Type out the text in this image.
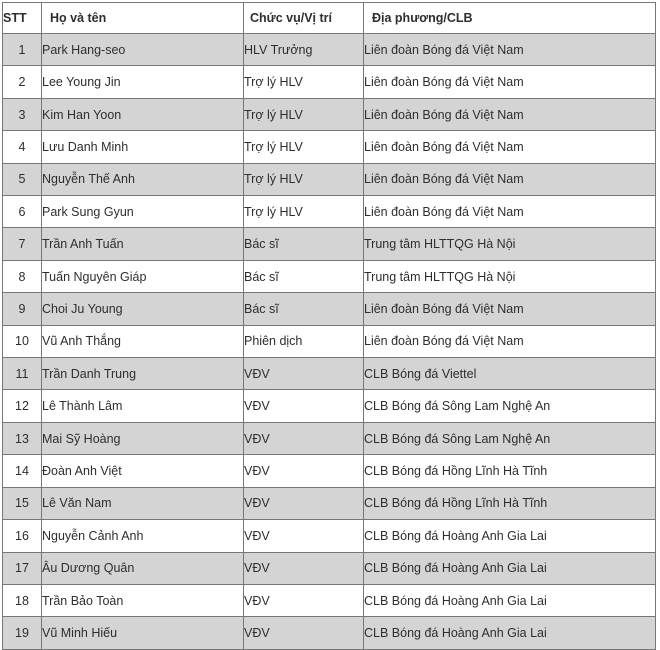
STT	Họ và tên	Chức vụ/Vị trí	Địa phương/CLB
1	Park Hang-seo	HLV Trưởng	Liên đoàn Bóng đá Việt Nam
2	Lee Young Jin	Trợ lý HLV	Liên đoàn Bóng đá Việt Nam
3	Kim Han Yoon	Trợ lý HLV	Liên đoàn Bóng đá Việt Nam
4	Lưu Danh Minh	Trợ lý HLV	Liên đoàn Bóng đá Việt Nam
5	Nguyễn Thế Anh	Trợ lý HLV	Liên đoàn Bóng đá Việt Nam
6	Park Sung Gyun	Trợ lý HLV	Liên đoàn Bóng đá Việt Nam
7	Trần Anh Tuấn	Bác sĩ	Trung tâm HLTTQG Hà Nội
8	Tuấn Nguyên Giáp	Bác sĩ	Trung tâm HLTTQG Hà Nội
9	Choi Ju Young	Bác sĩ	Liên đoàn Bóng đá Việt Nam
10	Vũ Anh Thắng	Phiên dịch	Liên đoàn Bóng đá Việt Nam
11	Trần Danh Trung	VĐV	CLB Bóng đá Viettel
12	Lê Thành Lâm	VĐV	CLB Bóng đá Sông Lam Nghệ An
13	Mai Sỹ Hoàng	VĐV	CLB Bóng đá Sông Lam Nghệ An
14	Đoàn Anh Việt	VĐV	CLB Bóng đá Hồng Lĩnh Hà Tĩnh
15	Lê Văn Nam	VĐV	CLB Bóng đá Hồng Lĩnh Hà Tĩnh
16	Nguyễn Cảnh Anh	VĐV	CLB Bóng đá Hoàng Anh Gia Lai
17	Âu Dương Quân	VĐV	CLB Bóng đá Hoàng Anh Gia Lai
18	Trần Bảo Toàn	VĐV	CLB Bóng đá Hoàng Anh Gia Lai
19	Vũ Minh Hiếu	VĐV	CLB Bóng đá Hoàng Anh Gia Lai
